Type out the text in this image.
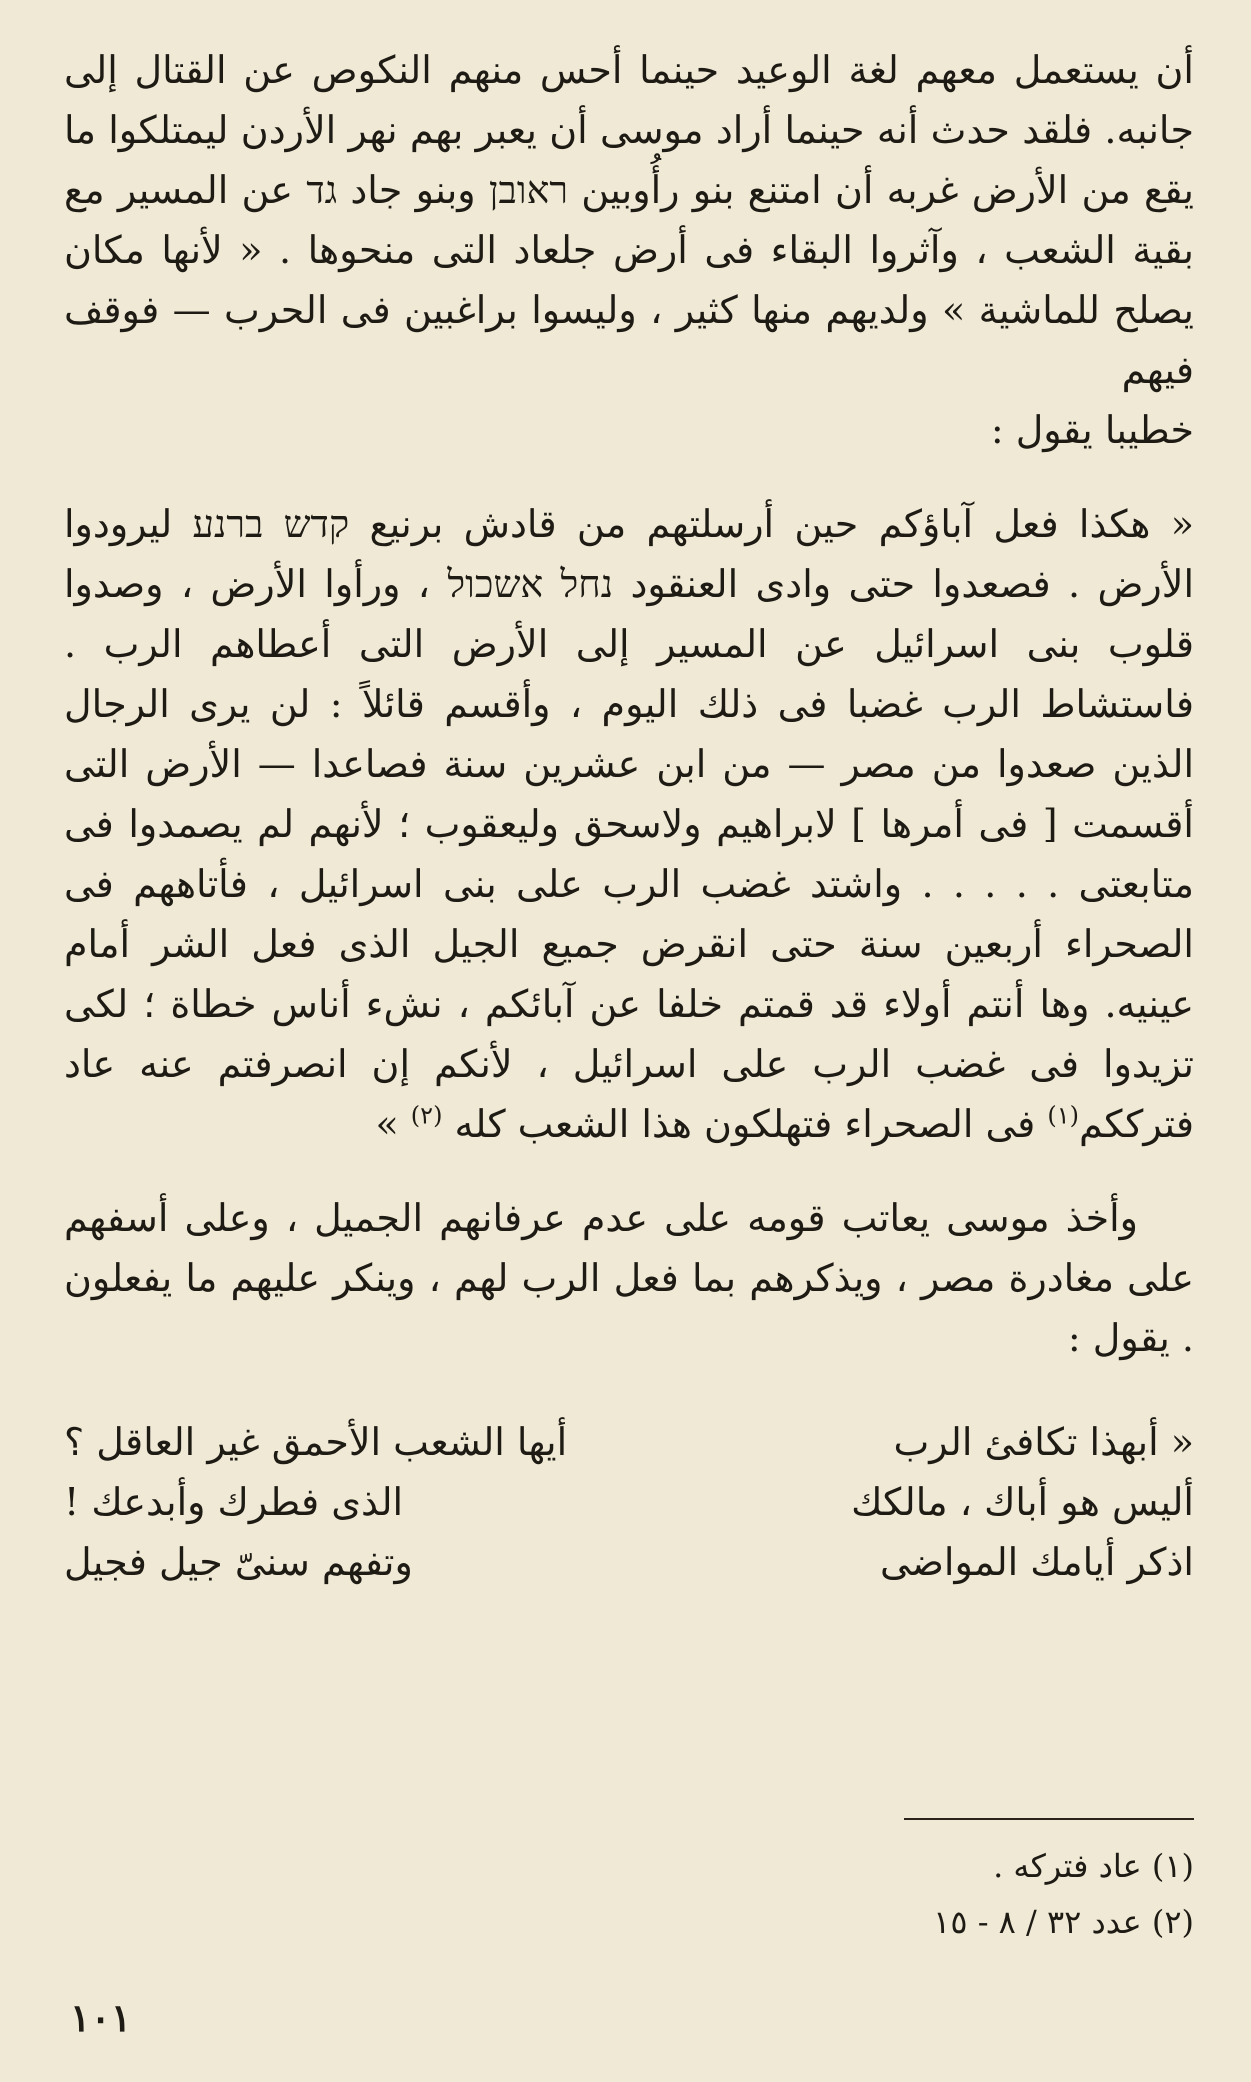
أن يستعمل معهم لغة الوعيد حينما أحس منهم النكوص عن القتال إلى جانبه. فلقد حدث أنه حينما أراد موسى أن يعبر بهم نهر الأردن ليمتلكوا ما يقع من الأرض غربه أن امتنع بنو رأُوبين ראובן وبنو جاد גד عن المسير مع بقية الشعب ، وآثروا البقاء فى أرض جلعاد التى منحوها . « لأنها مكان يصلح للماشية » ولديهم منها كثير ، وليسوا براغبين فى الحرب — فوقف فيهم
خطيبا يقول :

« هكذا فعل آباؤكم حين أرسلتهم من قادش برنيع קדש ברנע ليرودوا الأرض . فصعدوا حتى وادى العنقود נחל אשכול ، ورأوا الأرض ، وصدوا قلوب بنى اسرائيل عن المسير إلى الأرض التى أعطاهم الرب . فاستشاط الرب غضبا فى ذلك اليوم ، وأقسم قائلاً : لن يرى الرجال الذين صعدوا من مصر — من ابن عشرين سنة فصاعدا — الأرض التى أقسمت [ فى أمرها ] لابراهيم ولاسحق وليعقوب ؛ لأنهم لم يصمدوا فى متابعتى . . . . . واشتد غضب الرب على بنى اسرائيل ، فأتاههم فى الصحراء أربعين سنة حتى انقرض جميع الجيل الذى فعل الشر أمام عينيه. وها أنتم أولاء قد قمتم خلفا عن آبائكم ، نشء أناس خطاة ؛ لكى تزيدوا فى غضب الرب على اسرائيل ، لأنكم إن انصرفتم عنه عاد فترككم$^{(١)}$ فى الصحراء فتهلكون هذا الشعب كله $^{(٢)}$ »

وأخذ موسى يعاتب قومه على عدم عرفانهم الجميل ، وعلى أسفهم على مغادرة مصر ، ويذكرهم بما فعل الرب لهم ، وينكر عليهم ما يفعلون . يقول :

« أبهذا تكافئ الرب
أيها الشعب الأحمق غير العاقل ؟
أليس هو أباك ، مالكك
الذى فطرك وأبدعك !
اذكر أيامك المواضى
وتفهم سنىّ جيل فجيل
(١) عاد فتركه .
(٢) عدد ٣٢ / ٨ - ١٥
١٠١
